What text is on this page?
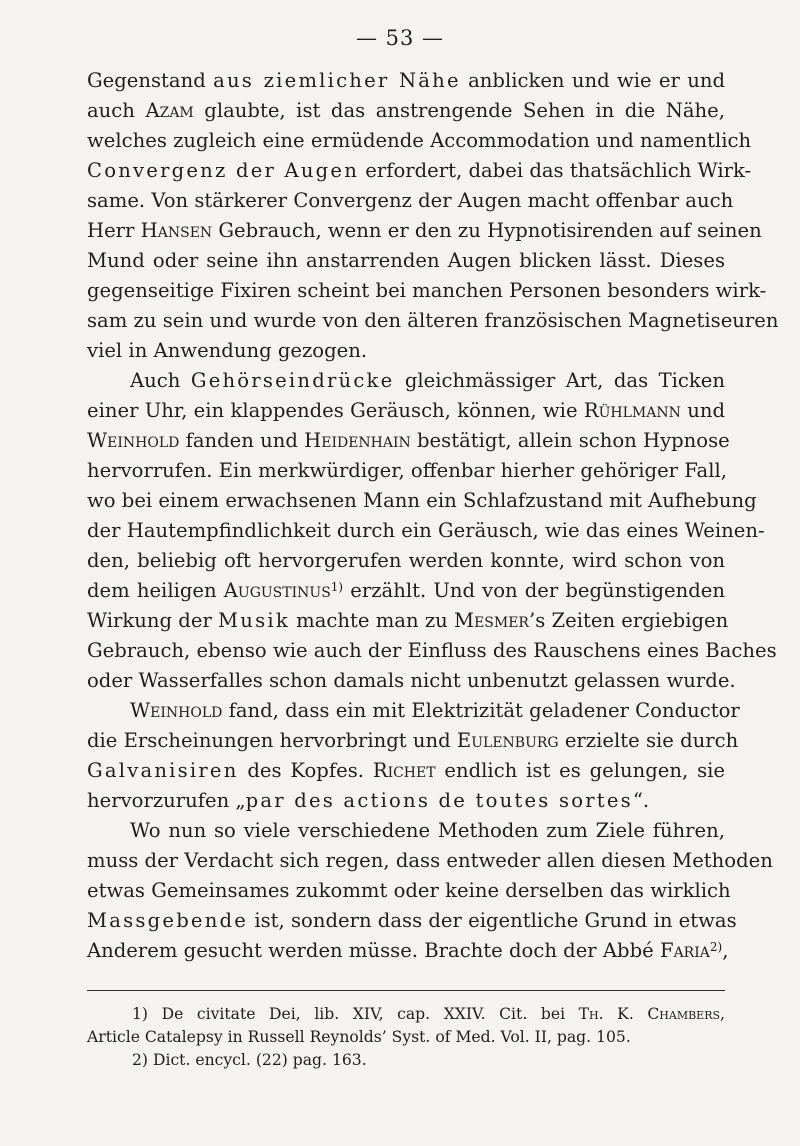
— 53 —
Gegenstand aus ziemlicher Nähe anblicken und wie er und
auch Azam glaubte, ist das anstrengende Sehen in die Nähe,
welches zugleich eine ermüdende Accommodation und namentlich
Convergenz der Augen erfordert, dabei das thatsächlich Wirk-
same. Von stärkerer Convergenz der Augen macht offenbar auch
Herr Hansen Gebrauch, wenn er den zu Hypnotisirenden auf seinen
Mund oder seine ihn anstarrenden Augen blicken lässt. Dieses
gegenseitige Fixiren scheint bei manchen Personen besonders wirk-
sam zu sein und wurde von den älteren französischen Magnetiseuren
viel in Anwendung gezogen.
Auch Gehörseindrücke gleichmässiger Art, das Ticken
einer Uhr, ein klappendes Geräusch, können, wie Rühlmann und
Weinhold fanden und Heidenhain bestätigt, allein schon Hypnose
hervorrufen. Ein merkwürdiger, offenbar hierher gehöriger Fall,
wo bei einem erwachsenen Mann ein Schlafzustand mit Aufhebung
der Hautempfindlichkeit durch ein Geräusch, wie das eines Weinen-
den, beliebig oft hervorgerufen werden konnte, wird schon von
dem heiligen Augustinus$^{1)}$ erzählt. Und von der begünstigenden
Wirkung der Musik machte man zu Mesmer’s Zeiten ergiebigen
Gebrauch, ebenso wie auch der Einfluss des Rauschens eines Baches
oder Wasserfalles schon damals nicht unbenutzt gelassen wurde.
Weinhold fand, dass ein mit Elektrizität geladener Conductor
die Erscheinungen hervorbringt und Eulenburg erzielte sie durch
Galvanisiren des Kopfes. Richet endlich ist es gelungen, sie
hervorzurufen „par des actions de toutes sortes“.
Wo nun so viele verschiedene Methoden zum Ziele führen,
muss der Verdacht sich regen, dass entweder allen diesen Methoden
etwas Gemeinsames zukommt oder keine derselben das wirklich
Massgebende ist, sondern dass der eigentliche Grund in etwas
Anderem gesucht werden müsse. Brachte doch der Abbé Faria$^{2)}$,
1) De civitate Dei, lib. XIV, cap. XXIV. Cit. bei Th. K. Chambers,
Article Catalepsy in Russell Reynolds’ Syst. of Med. Vol. II, pag. 105.
2) Dict. encycl. (22) pag. 163.
